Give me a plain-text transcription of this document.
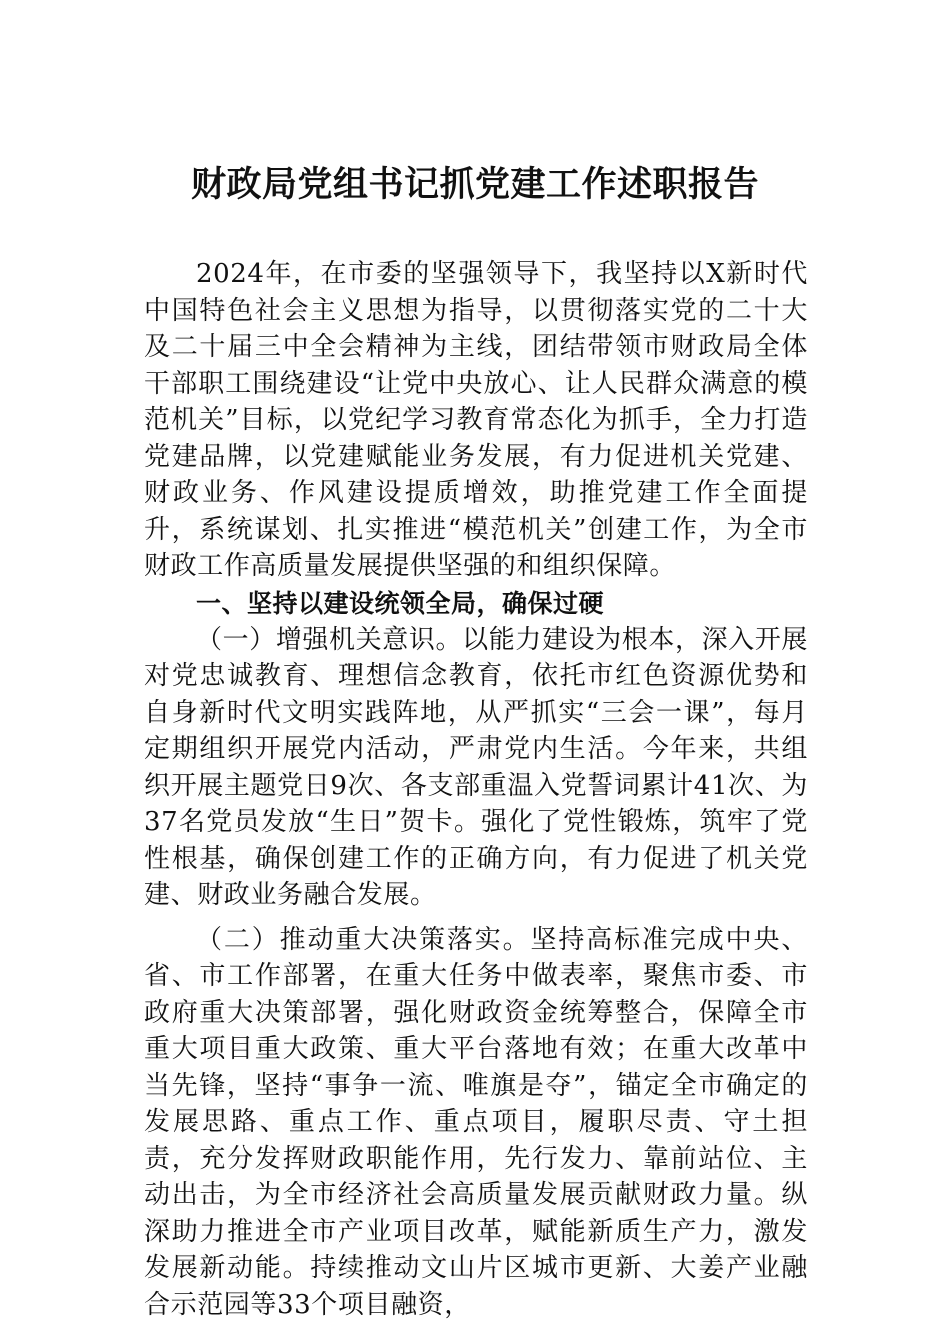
财政局党组书记抓党建工作述职报告

2024年，在市委的坚强领导下，我坚持以X新时代中国特色社会主义思想为指导，以贯彻落实党的二十大及二十届三中全会精神为主线，团结带领市财政局全体干部职工围绕建设“让党中央放心、让人民群众满意的模范机关”目标，以党纪学习教育常态化为抓手，全力打造党建品牌，以党建赋能业务发展，有力促进机关党建、财政业务、作风建设提质增效，助推党建工作全面提升，系统谋划、扎实推进“模范机关”创建工作，为全市财政工作高质量发展提供坚强的和组织保障。

一、坚持以建设统领全局，确保过硬

（一）增强机关意识。以能力建设为根本，深入开展对党忠诚教育、理想信念教育，依托市红色资源优势和自身新时代文明实践阵地，从严抓实“三会一课”，每月定期组织开展党内活动，严肃党内生活。今年来，共组织开展主题党日9次、各支部重温入党誓词累计41次、为37名党员发放“生日”贺卡。强化了党性锻炼，筑牢了党性根基，确保创建工作的正确方向，有力促进了机关党建、财政业务融合发展。

（二）推动重大决策落实。坚持高标准完成中央、省、市工作部署，在重大任务中做表率，聚焦市委、市政府重大决策部署，强化财政资金统筹整合，保障全市重大项目重大政策、重大平台落地有效；在重大改革中当先锋，坚持“事争一流、唯旗是夺”，锚定全市确定的发展思路、重点工作、重点项目，履职尽责、守土担责，充分发挥财政职能作用，先行发力、靠前站位、主动出击，为全市经济社会高质量发展贡献财政力量。纵深助力推进全市产业项目改革，赋能新质生产力，激发发展新动能。持续推动文山片区城市更新、大姜产业融合示范园等33个项目融资，
